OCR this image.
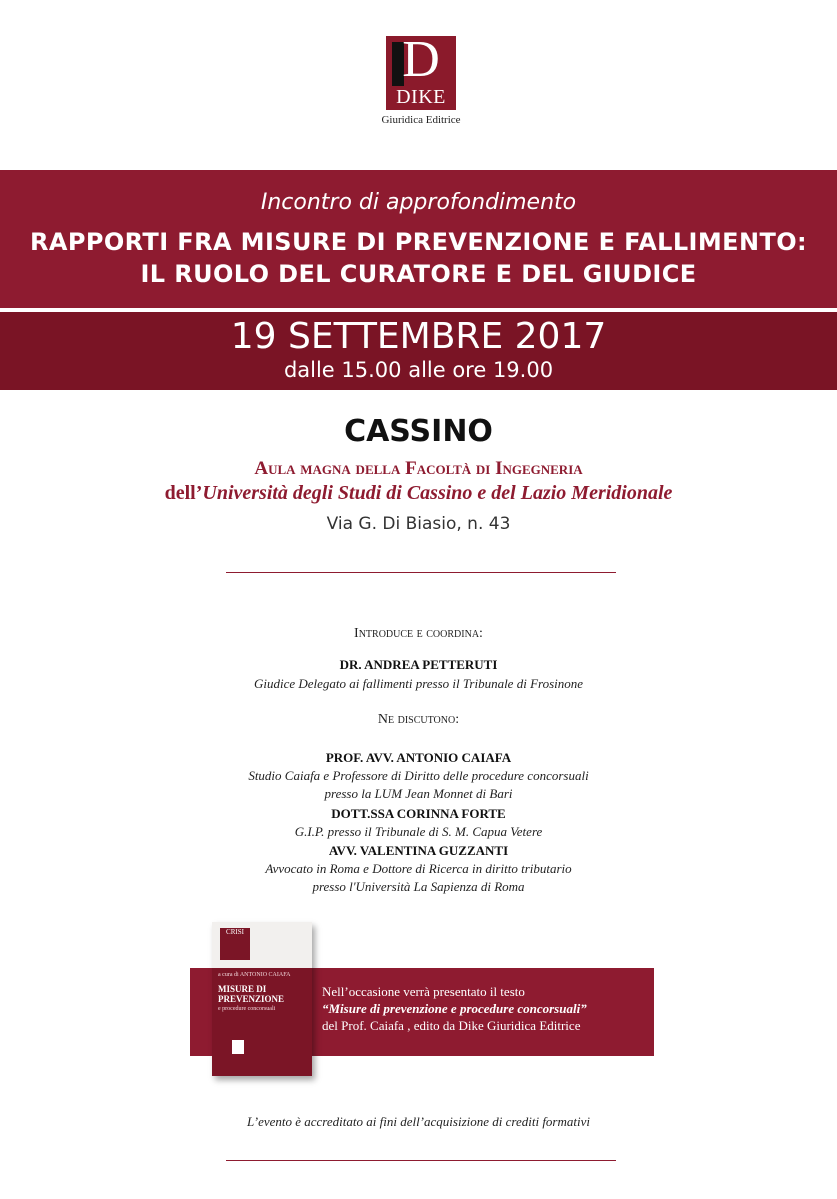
D
DIKE
Giuridica Editrice
Incontro di approfondimento
RAPPORTI FRA MISURE DI PREVENZIONE E FALLIMENTO:
IL RUOLO DEL CURATORE E DEL GIUDICE
19 SETTEMBRE 2017
dalle 15.00 alle ore 19.00
CASSINO
Aula magna della Facoltà di Ingegneria
dell’Università degli Studi di Cassino e del Lazio Meridionale
Via G. Di Biasio, n. 43
Introduce e coordina:
DR. ANDREA PETTERUTI
Giudice Delegato ai fallimenti presso il Tribunale di Frosinone
Ne discutono:
PROF. AVV. ANTONIO CAIAFA
Studio Caiafa e Professore di Diritto delle procedure concorsuali
presso la LUM Jean Monnet di Bari
DOTT.SSA CORINNA FORTE
G.I.P. presso il Tribunale di S. M. Capua Vetere
AVV. VALENTINA GUZZANTI
Avvocato in Roma e Dottore di Ricerca in diritto tributario
presso l'Università La Sapienza di Roma
Nell’occasione verrà presentato il testo
“Misure di prevenzione e procedure concorsuali”
del Prof. Caiafa , edito da Dike Giuridica Editrice
CRISI
a cura di ANTONIO CAIAFA
MISURE DI PREVENZIONE
e procedure concorsuali
L’evento è accreditato ai fini dell’acquisizione di crediti formativi
